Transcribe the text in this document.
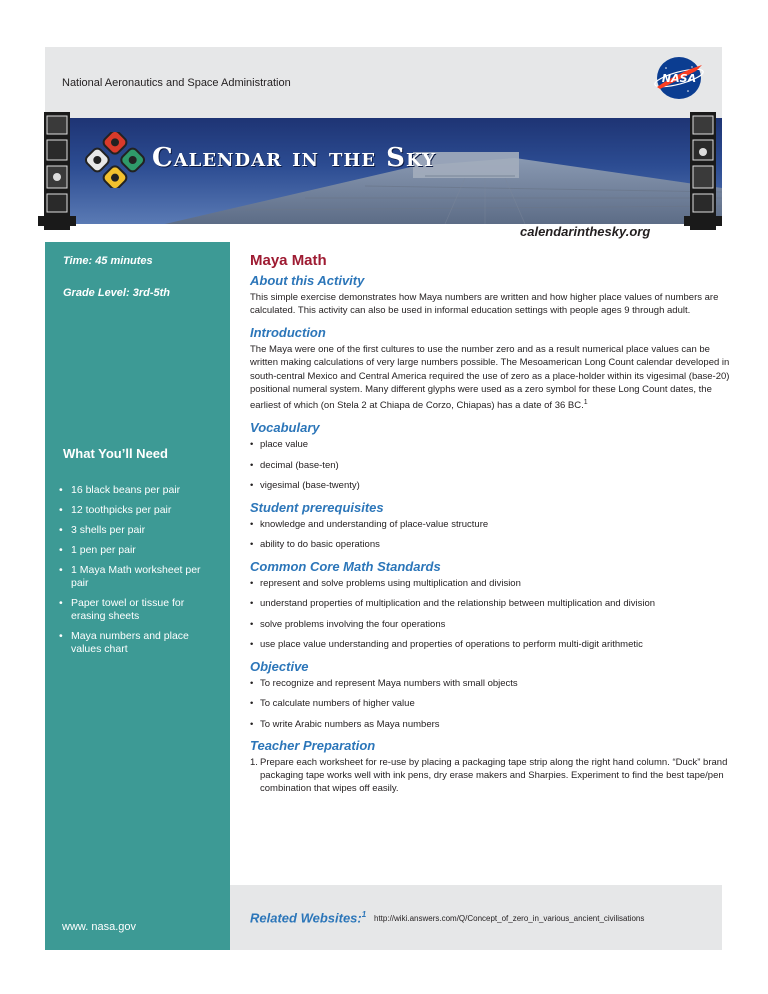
National Aeronautics and Space Administration	NASA
Calendar in the Sky
calendarinthesky.org
Time: 45 minutes
Grade Level: 3rd-5th
What You’ll Need
• 16 black beans per pair
• 12 toothpicks per pair
• 3 shells per pair
• 1 pen per pair
• 1 Maya Math worksheet per pair
• Paper towel or tissue for erasing sheets
• Maya numbers and place values chart
www. nasa.gov
Maya Math
About this Activity

This simple exercise demonstrates how Maya numbers are written and how higher place values of numbers are calculated. This activity can also be used in informal education settings with people ages 9 through adult.

Introduction

The Maya were one of the first cultures to use the number zero and as a result numerical place values can be written making calculations of very large numbers possible. The Mesoamerican Long Count calendar developed in south-central Mexico and Central America required the use of zero as a place-holder within its vigesimal (base-20) positional numeral system. Many different glyphs were used as a zero symbol for these Long Count dates, the earliest of which (on Stela 2 at Chiapa de Corzo, Chiapas) has a date of 36 BC.$^1$

Vocabulary
• place value
• decimal (base-ten)
• vigesimal (base-twenty)
Student prerequisites
• knowledge and understanding of place-value structure
• ability to do basic operations
Common Core Math Standards
• represent and solve problems using multiplication and division
• understand properties of multiplication and the relationship between multiplication and division
• solve problems involving the four operations
• use place value understanding and properties of operations to perform multi-digit arithmetic
Objective
• To recognize and represent Maya numbers with small objects
• To calculate numbers of higher value
• To write Arabic numbers as Maya numbers
Teacher Preparation
1. Prepare each worksheet for re-use by placing a packaging tape strip along the right hand column. “Duck” brand packaging tape works well with ink pens, dry erase makers and Sharpies. Experiment to find the best tape/pen combination that wipes off easily.
Related Websites:$^1$ http://wiki.answers.com/Q/Concept_of_zero_in_various_ancient_civilisations
